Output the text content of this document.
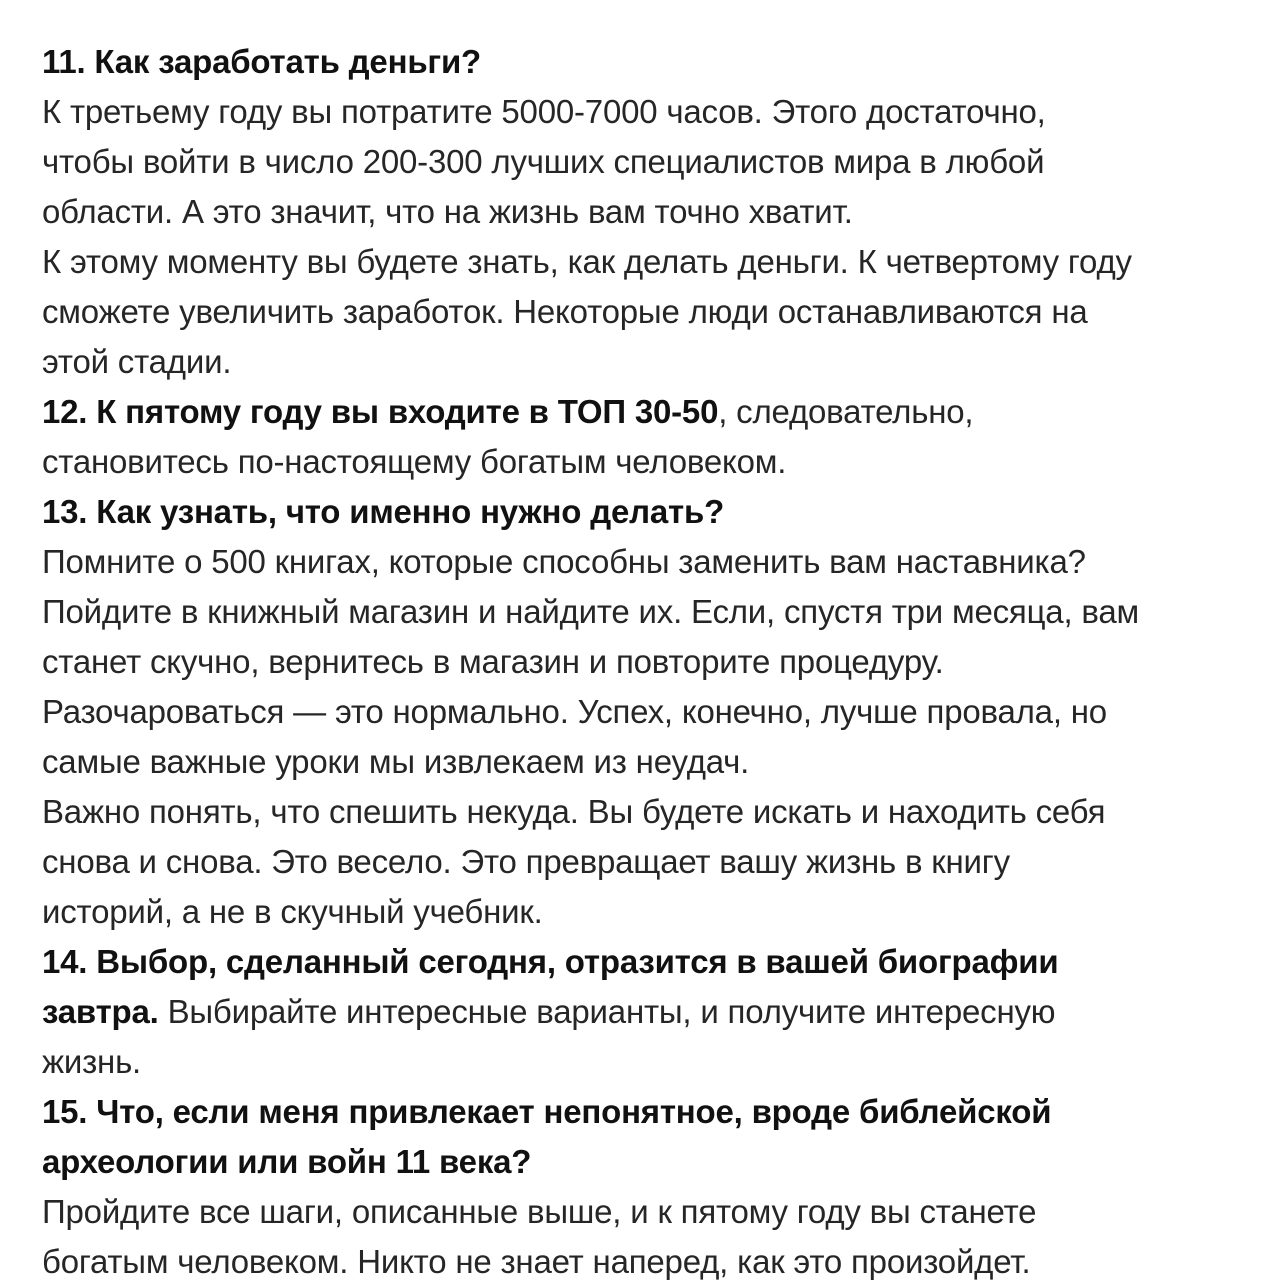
11. Как заработать деньги?
К третьему году вы потратите 5000-7000 часов. Этого достаточно,
чтобы войти в число 200-300 лучших специалистов мира в любой
области. А это значит, что на жизнь вам точно хватит.
К этому моменту вы будете знать, как делать деньги. К четвертому году
сможете увеличить заработок. Некоторые люди останавливаются на
этой стадии.
12. К пятому году вы входите в ТОП 30-50, следовательно,
становитесь по-настоящему богатым человеком.
13. Как узнать, что именно нужно делать?
Помните о 500 книгах, которые способны заменить вам наставника?
Пойдите в книжный магазин и найдите их. Если, спустя три месяца, вам
станет скучно, вернитесь в магазин и повторите процедуру.
Разочароваться — это нормально. Успех, конечно, лучше провала, но
самые важные уроки мы извлекаем из неудач.
Важно понять, что спешить некуда. Вы будете искать и находить себя
снова и снова. Это весело. Это превращает вашу жизнь в книгу
историй, а не в скучный учебник.
14. Выбор, сделанный сегодня, отразится в вашей биографии
завтра. Выбирайте интересные варианты, и получите интересную
жизнь.
15. Что, если меня привлекает непонятное, вроде библейской
археологии или войн 11 века?
Пройдите все шаги, описанные выше, и к пятому году вы станете
богатым человеком. Никто не знает наперед, как это произойдет.
